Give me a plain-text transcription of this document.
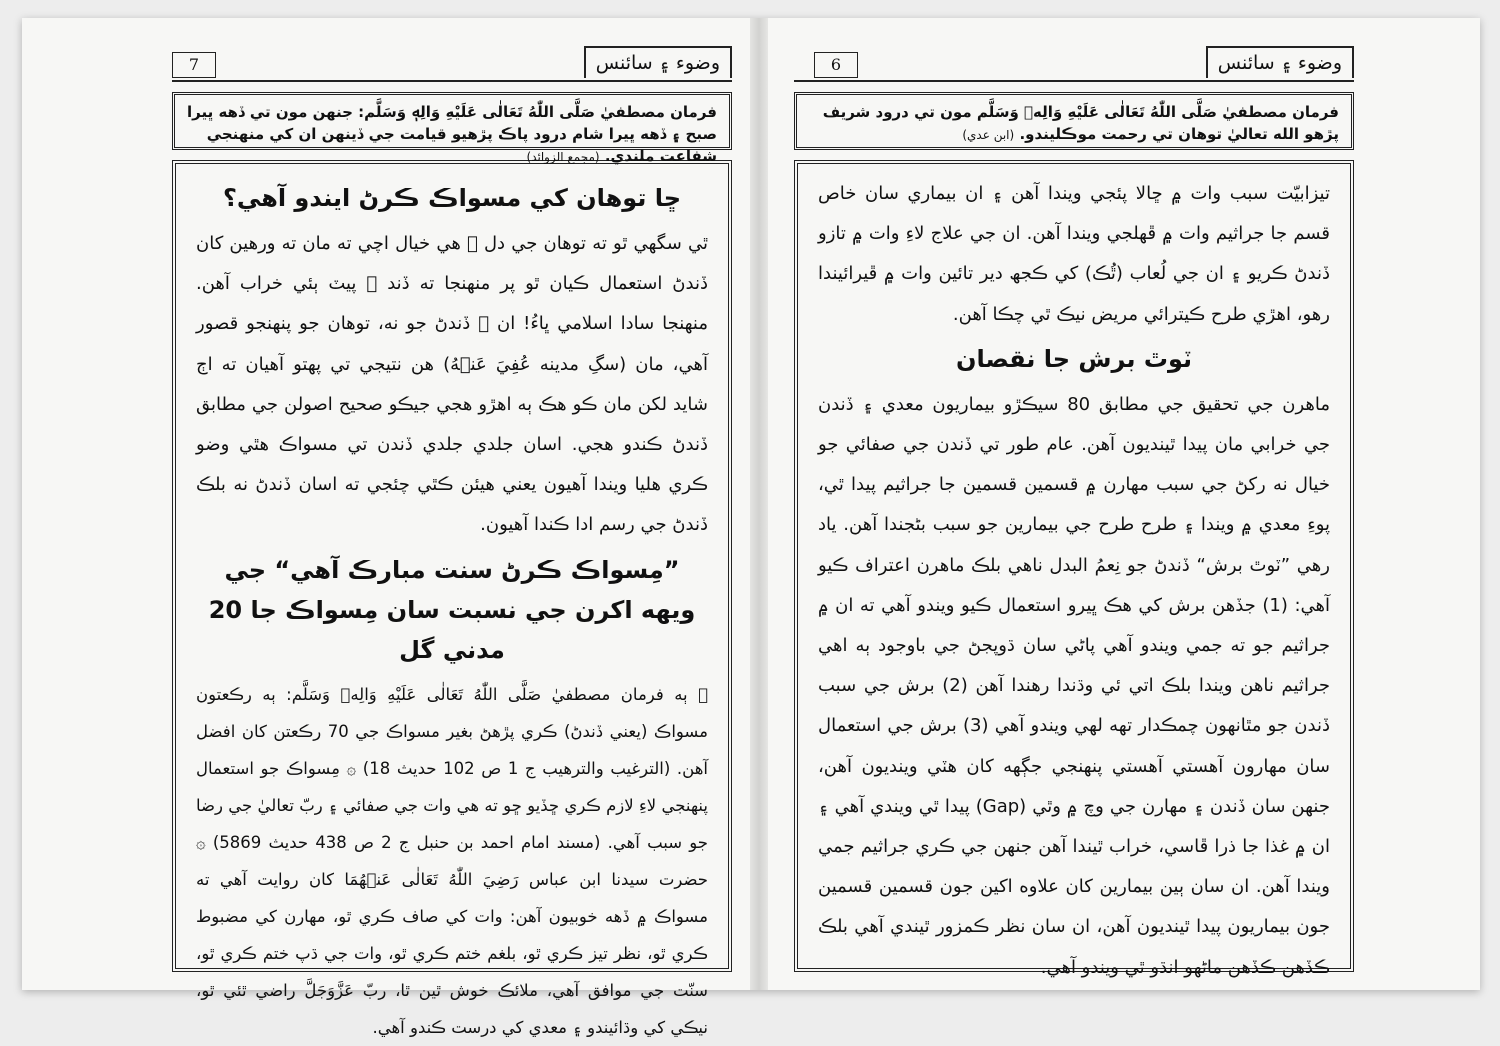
وضوء ۽ سائنس
7
فرمان مصطفيٰ صَلَّى اللّٰهُ تَعَالٰى عَلَيْهِ وَالِهٖ وَسَلَّم: جنهن مون تي ڏهه ڀيرا صبح ۽ ڏهه ڀيرا شام درود پاڪ پڙهيو قيامت جي ڏينهن ان کي منهنجي شفاعت ملندي. (مجمع الزوائد)
ڇا توهان کي مسواڪ ڪرڻ ايندو آهي؟

ٿي سگهي ٿو ته توهان جي دل ۾ هي خيال اچي ته مان ته ورهين کان ڏندڻ استعمال ڪيان ٿو پر منهنجا ته ڏند ۽ پيٽ ٻئي خراب آهن. منهنجا سادا اسلامي ڀاءُ! ان ۾ ڏندڻ جو نه، توهان جو پنهنجو قصور آهي، مان (سگِ مدينه عُفِيَ عَنۡهُ) هن نتيجي تي پهتو آهيان ته اڄ شايد لکن مان ڪو هڪ ٻه اهڙو هجي جيڪو صحيح اصولن جي مطابق ڏندڻ ڪندو هجي. اسان جلدي جلدي ڏندن تي مسواڪ هٿي وضو ڪري هليا ويندا آهيون يعني هيئن ڪٿي چئجي ته اسان ڏندڻ نه بلڪ ڏندڻ جي رسم ادا ڪندا آهيون.

”مِسواڪ ڪرڻ سنت مبارڪ آهي“ جي ويهه اکرن جي نسبت سان مِسواڪ جا 20 مدني گل

۞ ٻه فرمان مصطفيٰ صَلَّى اللّٰهُ تَعَالٰى عَلَيْهِ وَالِهٖ وَسَلَّم: ٻه رڪعتون مسواڪ (يعني ڏندڻ) ڪري پڙهڻ بغير مسواڪ جي 70 رڪعتن کان افضل آهن. (الترغيب والترهيب ج 1 ص 102 حديث 18) ۞ مِسواڪ جو استعمال پنهنجي لاءِ لازم ڪري ڇڏيو ڇو ته هي وات جي صفائي ۽ ربّ تعاليٰ جي رضا جو سبب آهي. (مسند امام احمد بن حنبل ج 2 ص 438 حديث 5869) ۞ حضرت سيدنا ابن عباس رَضِيَ اللّٰهُ تَعَالٰى عَنۡهُمَا کان روايت آهي ته مسواڪ ۾ ڏهه خوبيون آهن: وات کي صاف ڪري ٿو، مهارن کي مضبوط ڪري ٿو، نظر تيز ڪري ٿو، بلغم ختم ڪري ٿو، وات جي ڌپ ختم ڪري ٿو، سنّت جي موافق آهي، ملائڪ خوش ٿين ٿا، ربّ عَزَّوَجَلَّ راضي ٿئي ٿو، نيڪي کي وڌائيندو ۽ معدي کي درست ڪندو آهي.

وضوء ۽ سائنس
6
فرمان مصطفيٰ صَلَّى اللّٰهُ تَعَالٰى عَلَيْهِ وَالِهٖ وَسَلَّم مون تي درود شريف پڙهو الله تعاليٰ توهان تي رحمت موڪليندو. (ابن عدي)

تيزابيّت سبب وات ۾ ڇالا پئجي ويندا آهن ۽ ان بيماري سان خاص قسم جا جراثيم وات ۾ ڦهلجي ويندا آهن. ان جي علاج لاءِ وات ۾ تازو ڏندڻ ڪريو ۽ ان جي لُعاب (ٿُڪ) کي ڪجھ دير تائين وات ۾ ڦيرائيندا رهو، اهڙي طرح ڪيترائي مريض نيڪ ٿي چڪا آهن.

ٽوٿ برش جا نقصان

ماهرن جي تحقيق جي مطابق 80 سيڪڙو بيماريون معدي ۽ ڏندن جي خرابي مان پيدا ٿينديون آهن. عام طور تي ڏندن جي صفائي جو خيال نه رکڻ جي سبب مهارن ۾ قسمين قسمين جا جراثيم پيدا ٿي، پوءِ معدي ۾ ويندا ۽ طرح طرح جي بيمارين جو سبب بڻجندا آهن. ياد رهي ”ٽوٿ برش“ ڏندڻ جو نِعمُ البدل ناهي بلڪ ماهرن اعتراف ڪيو آهي: (1) جڏهن برش کي هڪ ڀيرو استعمال ڪيو ويندو آهي ته ان ۾ جراثيم جو ته جمي ويندو آهي پاڻي سان ڌوپجڻ جي باوجود ٻه اهي جراثيم ناهن ويندا بلڪ اتي ئي وڌندا رهندا آهن (2) برش جي سبب ڏندن جو مٿانهون چمڪدار تهه لهي ويندو آهي (3) برش جي استعمال سان مهارون آهستي آهستي پنهنجي جڳهه کان هٽي وينديون آهن، جنهن سان ڏندن ۽ مهارن جي وچ ۾ وٿي (Gap) پيدا ٿي ويندي آهي ۽ ان ۾ غذا جا ذرا ڦاسي، خراب ٿيندا آهن جنهن جي ڪري جراثيم جمي ويندا آهن. ان سان ٻين بيمارين کان علاوه اکين جون قسمين قسمين جون بيماريون پيدا ٿينديون آهن، ان سان نظر ڪمزور ٿيندي آهي بلڪ ڪڏهن ڪڏهن ماڻهو انڌو ٿي ويندو آهي.
